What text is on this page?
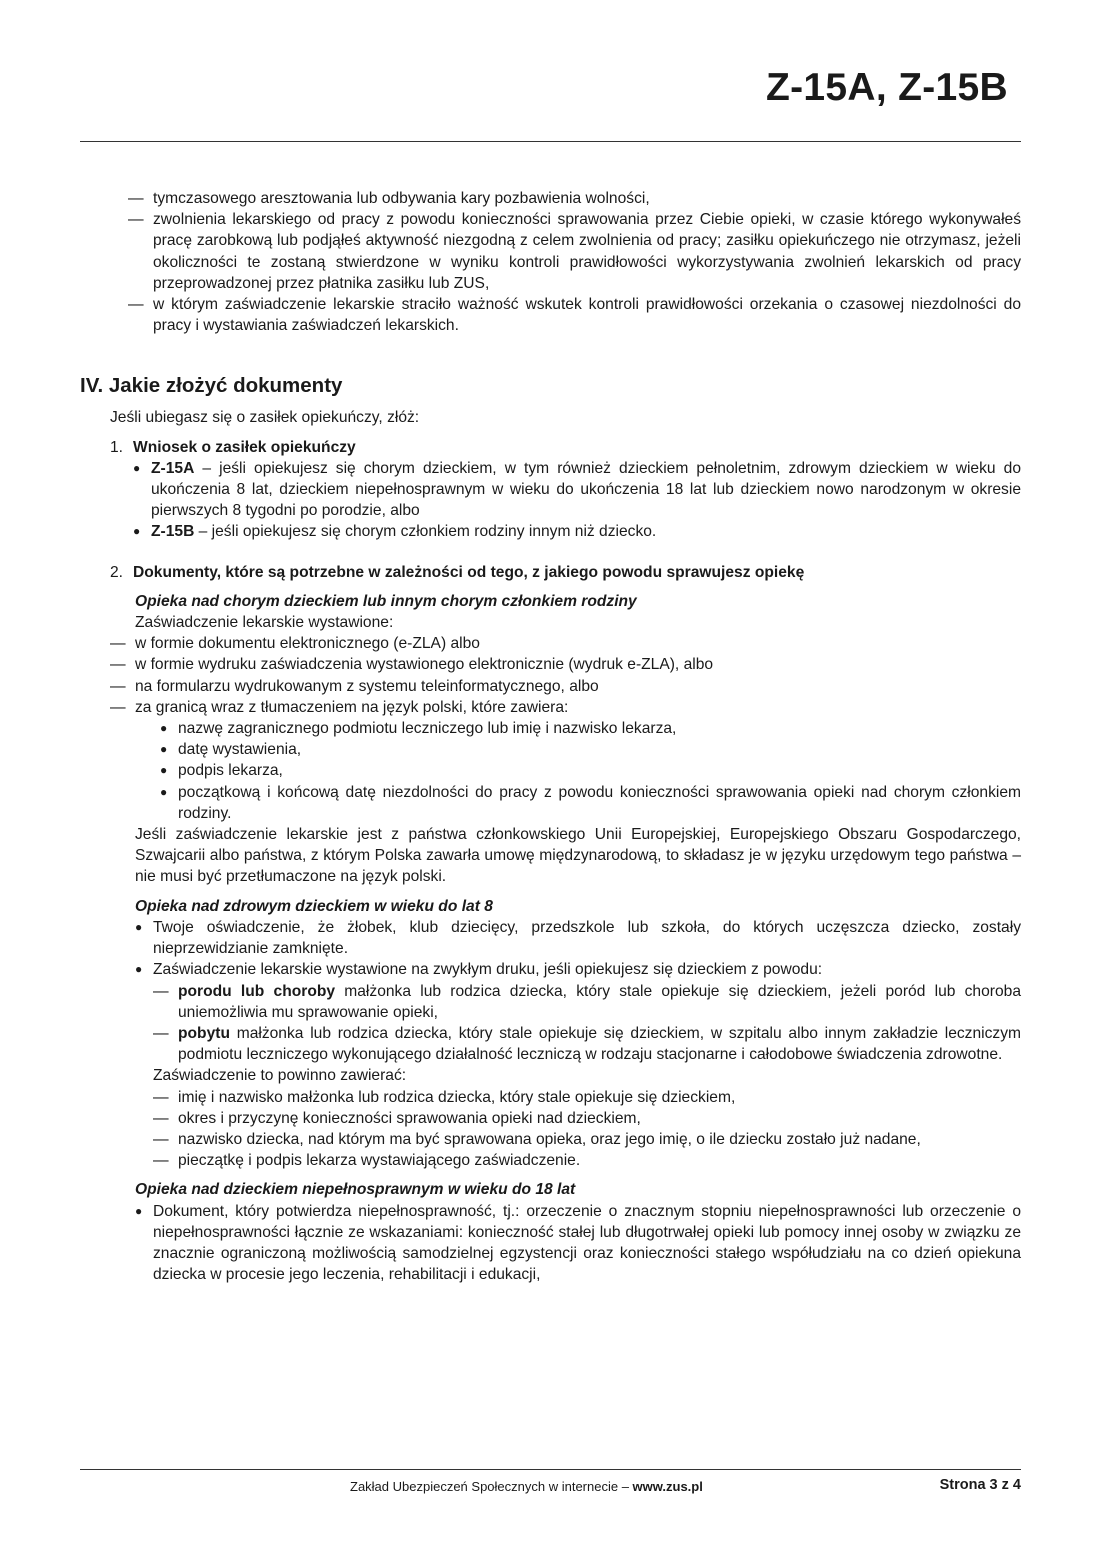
Z-15A, Z-15B
— tymczasowego aresztowania lub odbywania kary pozbawienia wolności,
— zwolnienia lekarskiego od pracy z powodu konieczności sprawowania przez Ciebie opieki, w czasie którego wykonywałeś pracę zarobkową lub podjąłeś aktywność niezgodną z celem zwolnienia od pracy; zasiłku opiekuńczego nie otrzymasz, jeżeli okoliczności te zostaną stwierdzone w wyniku kontroli prawidłowości wykorzystywania zwolnień lekarskich od pracy przeprowadzonej przez płatnika zasiłku lub ZUS,
— w którym zaświadczenie lekarskie straciło ważność wskutek kontroli prawidłowości orzekania o czasowej niezdolności do pracy i wystawiania zaświadczeń lekarskich.
IV. Jakie złożyć dokumenty

Jeśli ubiegasz się o zasiłek opiekuńczy, złóż:

1. Wniosek o zasiłek opiekuńczy

● Z-15A – jeśli opiekujesz się chorym dzieckiem, w tym również dzieckiem pełnoletnim, zdrowym dzieckiem w wieku do ukończenia 8 lat, dzieckiem niepełnosprawnym w wieku do ukończenia 18 lat lub dzieckiem nowo narodzonym w okresie pierwszych 8 tygodni po porodzie, albo
● Z-15B – jeśli opiekujesz się chorym członkiem rodziny innym niż dziecko.
2. Dokumenty, które są potrzebne w zależności od tego, z jakiego powodu sprawujesz opiekę

Opieka nad chorym dzieckiem lub innym chorym członkiem rodziny

Zaświadczenie lekarskie wystawione:

— w formie dokumentu elektronicznego (e-ZLA) albo
— w formie wydruku zaświadczenia wystawionego elektronicznie (wydruk e-ZLA), albo
— na formularzu wydrukowanym z systemu teleinformatycznego, albo
— za granicą wraz z tłumaczeniem na język polski, które zawiera:
● nazwę zagranicznego podmiotu leczniczego lub imię i nazwisko lekarza,
● datę wystawienia,
● podpis lekarza,
● początkową i końcową datę niezdolności do pracy z powodu konieczności sprawowania opieki nad chorym członkiem rodziny.

Jeśli zaświadczenie lekarskie jest z państwa członkowskiego Unii Europejskiej, Europejskiego Obszaru Gospodarczego, Szwajcarii albo państwa, z którym Polska zawarła umowę międzynarodową, to składasz je w języku urzędowym tego państwa – nie musi być przetłumaczone na język polski.

Opieka nad zdrowym dzieckiem w wieku do lat 8

● Twoje oświadczenie, że żłobek, klub dziecięcy, przedszkole lub szkoła, do których uczęszcza dziecko, zostały nieprzewidzianie zamknięte.
● Zaświadczenie lekarskie wystawione na zwykłym druku, jeśli opiekujesz się dzieckiem z powodu:
— porodu lub choroby małżonka lub rodzica dziecka, który stale opiekuje się dzieckiem, jeżeli poród lub choroba uniemożliwia mu sprawowanie opieki,
— pobytu małżonka lub rodzica dziecka, który stale opiekuje się dzieckiem, w szpitalu albo innym zakładzie leczniczym podmiotu leczniczego wykonującego działalność leczniczą w rodzaju stacjonarne i całodobowe świadczenia zdrowotne.

Zaświadczenie to powinno zawierać:

— imię i nazwisko małżonka lub rodzica dziecka, który stale opiekuje się dzieckiem,
— okres i przyczynę konieczności sprawowania opieki nad dzieckiem,
— nazwisko dziecka, nad którym ma być sprawowana opieka, oraz jego imię, o ile dziecku zostało już nadane,
— pieczątkę i podpis lekarza wystawiającego zaświadczenie.

Opieka nad dzieckiem niepełnosprawnym w wieku do 18 lat

● Dokument, który potwierdza niepełnosprawność, tj.: orzeczenie o znacznym stopniu niepełnosprawności lub orzeczenie o niepełnosprawności łącznie ze wskazaniami: konieczność stałej lub długotrwałej opieki lub pomocy innej osoby w związku ze znacznie ograniczoną możliwością samodzielnej egzystencji oraz konieczności stałego współudziału na co dzień opiekuna dziecka w procesie jego leczenia, rehabilitacji i edukacji,
Zakład Ubezpieczeń Społecznych w internecie – www.zus.pl	Strona 3 z 4
